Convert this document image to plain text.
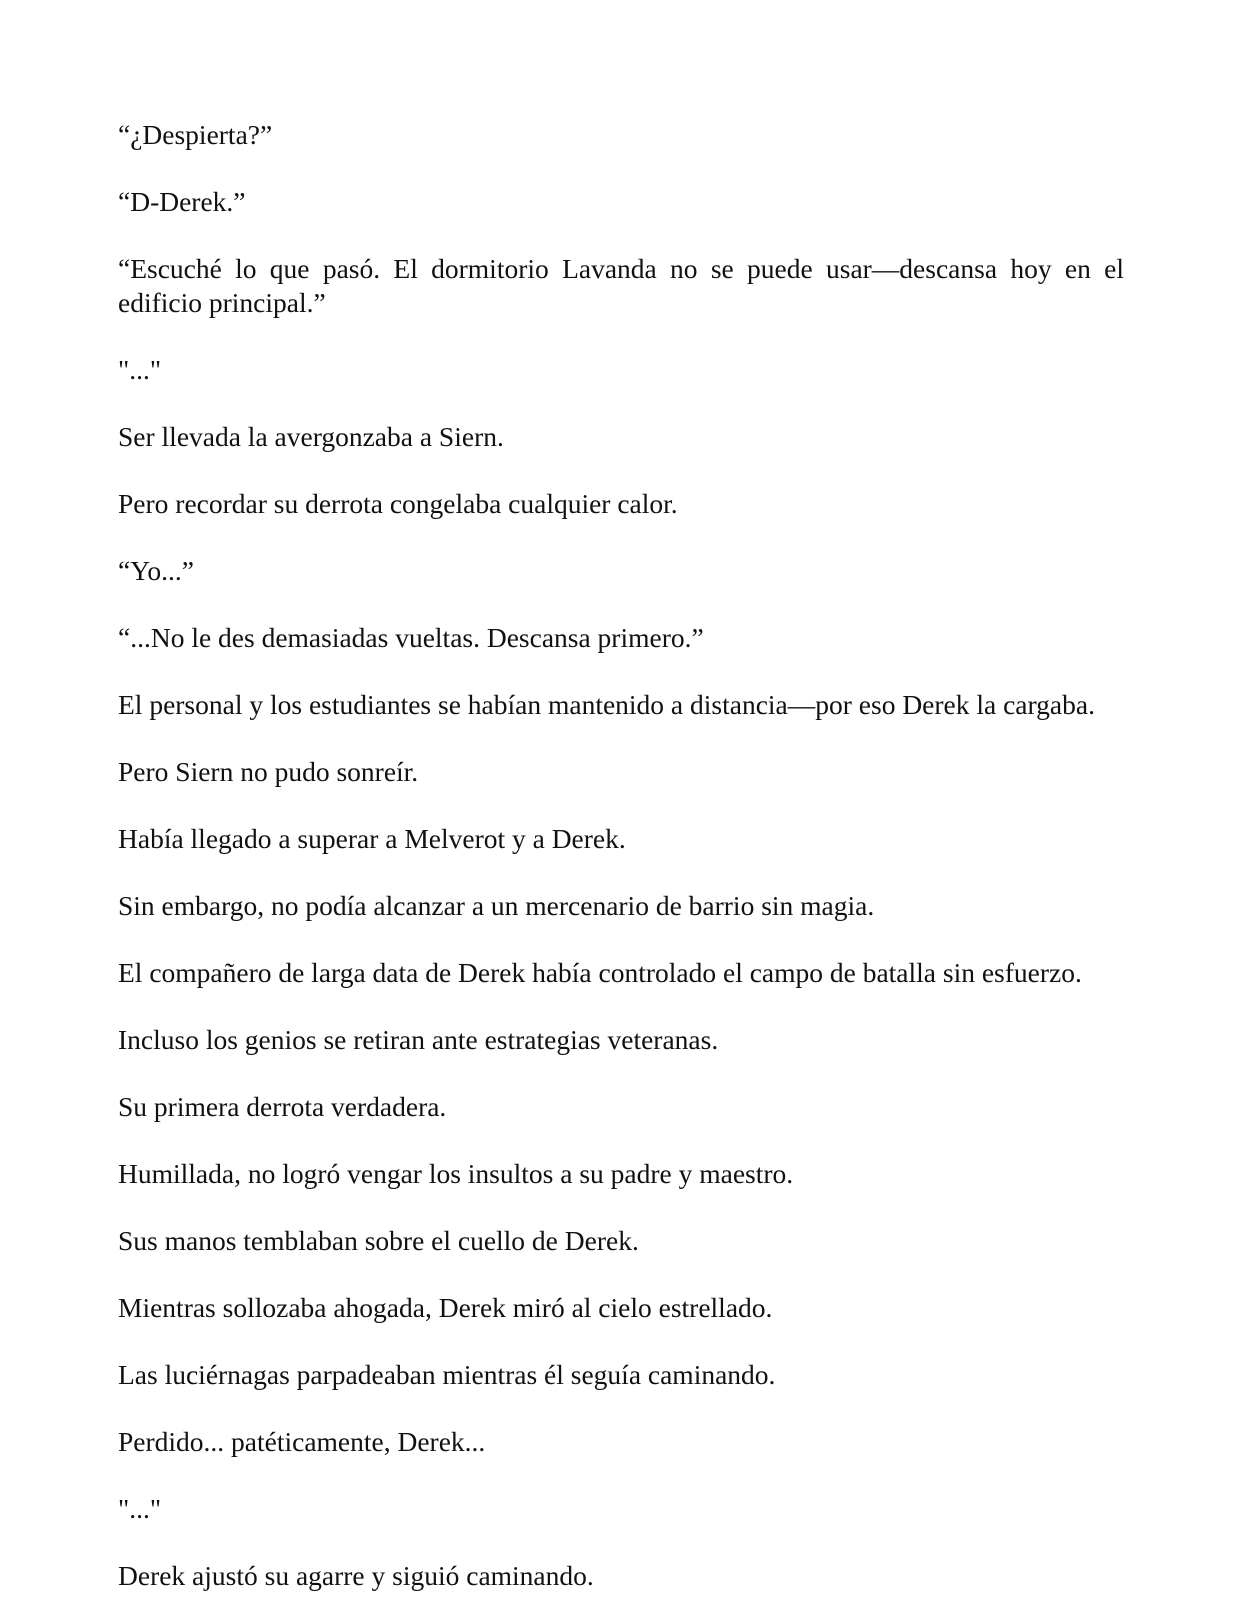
“¿Despierta?”

“D-Derek.”

“Escuché lo que pasó. El dormitorio Lavanda no se puede usar—descansa hoy en el edificio principal.”

"..."

Ser llevada la avergonzaba a Siern.

Pero recordar su derrota congelaba cualquier calor.

“Yo...”

“...No le des demasiadas vueltas. Descansa primero.”

El personal y los estudiantes se habían mantenido a distancia—por eso Derek la cargaba.

Pero Siern no pudo sonreír.

Había llegado a superar a Melverot y a Derek.

Sin embargo, no podía alcanzar a un mercenario de barrio sin magia.

El compañero de larga data de Derek había controlado el campo de batalla sin esfuerzo.

Incluso los genios se retiran ante estrategias veteranas.

Su primera derrota verdadera.

Humillada, no logró vengar los insultos a su padre y maestro.

Sus manos temblaban sobre el cuello de Derek.

Mientras sollozaba ahogada, Derek miró al cielo estrellado.

Las luciérnagas parpadeaban mientras él seguía caminando.

Perdido... patéticamente, Derek...

"..."

Derek ajustó su agarre y siguió caminando.
